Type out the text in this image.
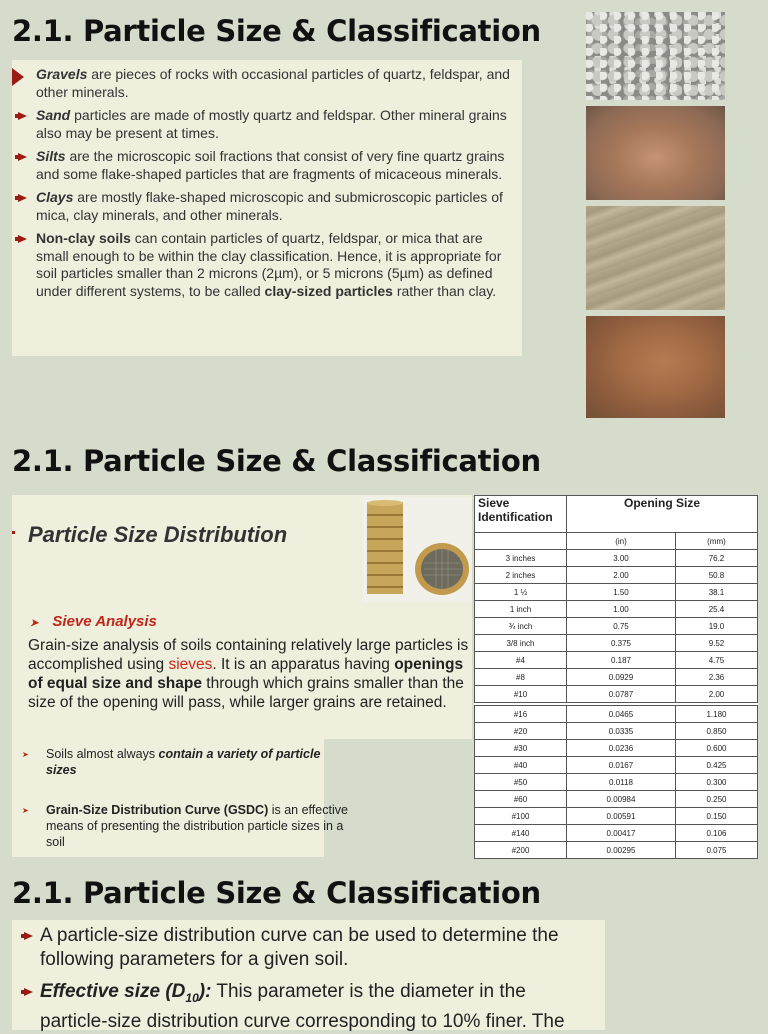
2.1. Particle Size & Classification
Gravels are pieces of rocks with occasional particles of quartz, feldspar, and other minerals.
Sand particles are made of mostly quartz and feldspar. Other mineral grains also may be present at times.
Silts are the microscopic soil fractions that consist of very fine quartz grains and some flake-shaped particles that are fragments of micaceous minerals.
Clays are mostly flake-shaped microscopic and submicroscopic particles of mica, clay minerals, and other minerals.
Non-clay soils can contain particles of quartz, feldspar, or mica that are small enough to be within the clay classification. Hence, it is appropriate for soil particles smaller than 2 microns (2µm), or 5 microns (5µm) as defined under different systems, to be called clay-sized particles rather than clay.
2.1. Particle Size & Classification
Particle Size Distribution
➤ Sieve Analysis
Grain-size analysis of soils containing relatively large particles is accomplished using sieves. It is an apparatus having openings of equal size and shape through which grains smaller than the size of the opening will pass, while larger grains are retained.
➤ Soils almost always contain a variety of particle sizes
➤ Grain-Size Distribution Curve (GSDC) is an effective means of presenting the distribution particle sizes in a soil
Sieve Identification	Opening Size	
	(in)	(mm)
3 inches	3.00	76.2
2 inches	2.00	50.8
1 ½	1.50	38.1
1 inch	1.00	25.4
¾ inch	0.75	19.0
3/8 inch	0.375	9.52
#4	0.187	4.75
#8	0.0929	2.36
#10	0.0787	2.00

#16	0.0465	1.180
#20	0.0335	0.850
#30	0.0236	0.600
#40	0.0167	0.425
#50	0.0118	0.300
#60	0.00984	0.250
#100	0.00591	0.150
#140	0.00417	0.106
#200	0.00295	0.075
2.1. Particle Size & Classification
A particle-size distribution curve can be used to determine the following parameters for a given soil.
Effective size $(D_{10})$: This parameter is the diameter in the particle-size distribution curve corresponding to 10% finer. The
